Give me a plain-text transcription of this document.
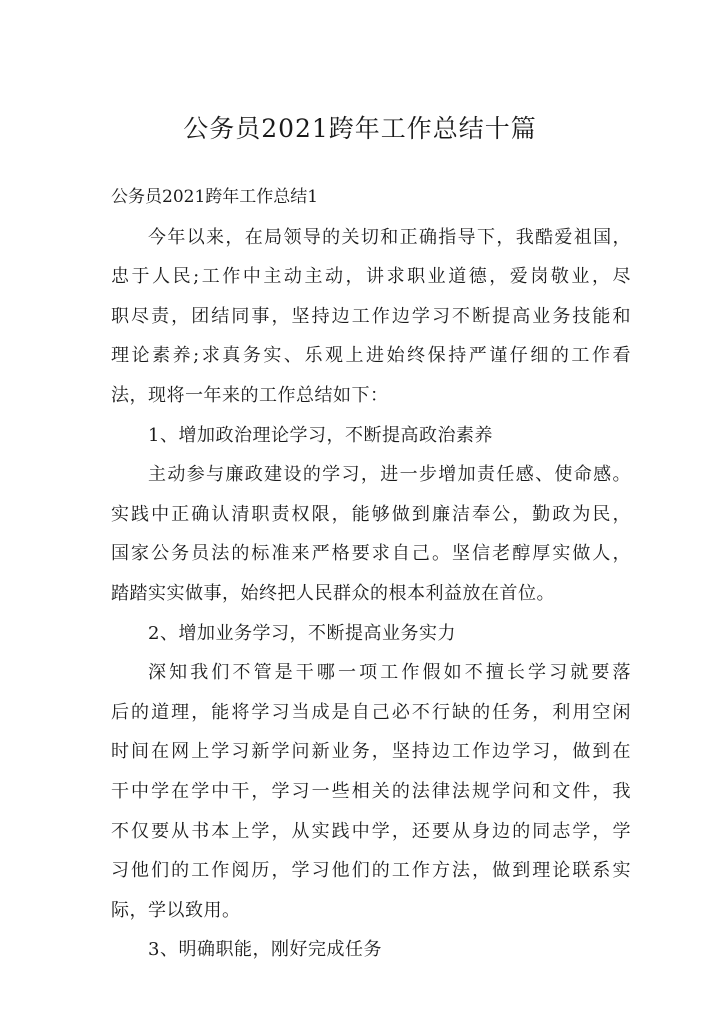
公务员2021跨年工作总结十篇
公务员2021跨年工作总结1
今年以来，在局领导的关切和正确指导下，我酷爱祖国，
忠于人民;工作中主动主动，讲求职业道德，爱岗敬业，尽
职尽责，团结同事，坚持边工作边学习不断提高业务技能和
理论素养;求真务实、乐观上进始终保持严谨仔细的工作看
法，现将一年来的工作总结如下：
1、增加政治理论学习，不断提高政治素养
主动参与廉政建设的学习，进一步增加责任感、使命感。
实践中正确认清职责权限，能够做到廉洁奉公，勤政为民，
国家公务员法的标准来严格要求自己。坚信老醇厚实做人，
踏踏实实做事，始终把人民群众的根本利益放在首位。
2、增加业务学习，不断提高业务实力
深知我们不管是干哪一项工作假如不擅长学习就要落
后的道理，能将学习当成是自己必不行缺的任务，利用空闲
时间在网上学习新学问新业务，坚持边工作边学习，做到在
干中学在学中干，学习一些相关的法律法规学问和文件，我
不仅要从书本上学，从实践中学，还要从身边的同志学，学
习他们的工作阅历，学习他们的工作方法，做到理论联系实
际，学以致用。
3、明确职能，刚好完成任务
